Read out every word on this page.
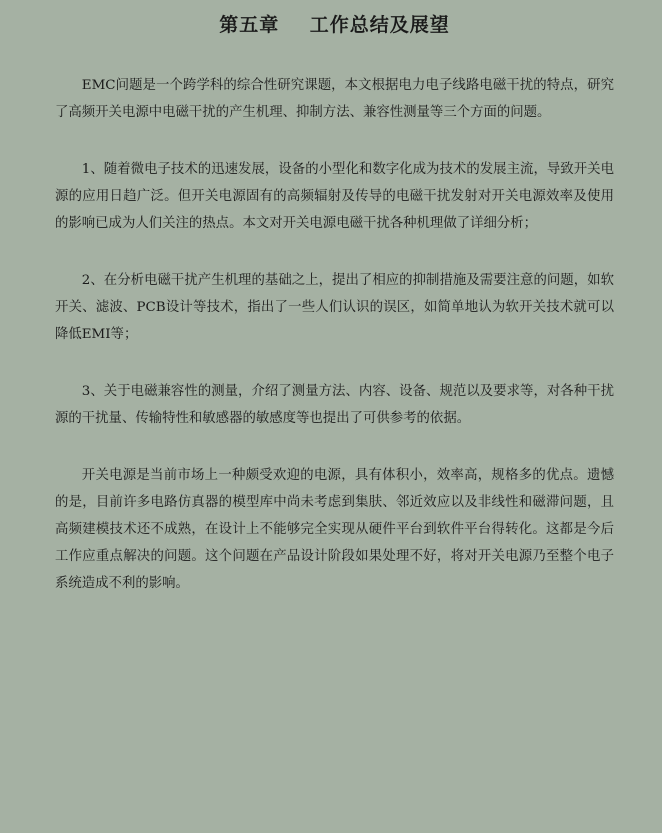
第五章    工作总结及展望

EMC问题是一个跨学科的综合性研究课题，本文根据电力电子线路电磁干扰的特点，研究了高频开关电源中电磁干扰的产生机理、抑制方法、兼容性测量等三个方面的问题。

1、随着微电子技术的迅速发展，设备的小型化和数字化成为技术的发展主流，导致开关电源的应用日趋广泛。但开关电源固有的高频辐射及传导的电磁干扰发射对开关电源效率及使用的影响已成为人们关注的热点。本文对开关电源电磁干扰各种机理做了详细分析；

2、在分析电磁干扰产生机理的基础之上，提出了相应的抑制措施及需要注意的问题，如软开关、滤波、PCB设计等技术，指出了一些人们认识的误区，如简单地认为软开关技术就可以降低EMI等；

3、关于电磁兼容性的测量，介绍了测量方法、内容、设备、规范以及要求等，对各种干扰源的干扰量、传输特性和敏感器的敏感度等也提出了可供参考的依据。

开关电源是当前市场上一种颇受欢迎的电源，具有体积小，效率高，规格多的优点。遗憾的是，目前许多电路仿真器的模型库中尚未考虑到集肤、邻近效应以及非线性和磁滞问题，且高频建模技术还不成熟，在设计上不能够完全实现从硬件平台到软件平台得转化。这都是今后工作应重点解决的问题。这个问题在产品设计阶段如果处理不好，将对开关电源乃至整个电子系统造成不利的影响。
